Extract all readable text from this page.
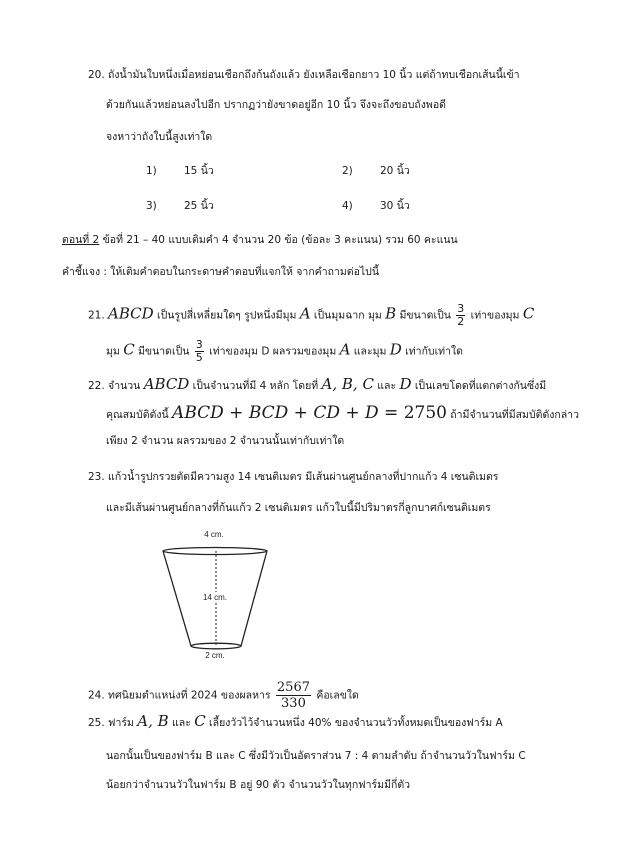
20. ถังน้ำมันใบหนึ่งเมื่อหย่อนเชือกถึงก้นถังแล้ว ยังเหลือเชือกยาว 10 นิ้ว แต่ถ้าทบเชือกเส้นนี้เข้า
ด้วยกันแล้วหย่อนลงไปอีก ปรากฏว่ายังขาดอยู่อีก 10 นิ้ว จึงจะถึงขอบถังพอดี
จงหาว่าถังใบนี้สูงเท่าใด
1)	15 นิ้ว	2)	20 นิ้ว
3)	25 นิ้ว	4)	30 นิ้ว
ตอนที่ 2 ข้อที่ 21 – 40 แบบเติมคำ 4 จำนวน 20 ข้อ (ข้อละ 3 คะแนน) รวม 60 คะแนน
คำชี้แจง : ให้เติมคำตอบในกระดาษคำตอบที่แจกให้ จากคำถามต่อไปนี้
21. ABCD เป็นรูปสี่เหลี่ยมใดๆ รูปหนึ่งมีมุม A เป็นมุมฉาก มุม B มีขนาดเป็น $\frac{3}{2}$ เท่าของมุม C
มุม C มีขนาดเป็น $\frac{3}{5}$ เท่าของมุม D ผลรวมของมุม A และมุม D เท่ากับเท่าใด
22. จำนวน ABCD เป็นจำนวนที่มี 4 หลัก โดยที่ A, B, C และ D เป็นเลขโดดที่แตกต่างกันซึ่งมี
คุณสมบัติดังนี้ ABCD + BCD + CD + D = 2750 ถ้ามีจำนวนที่มีสมบัติดังกล่าว
เพียง 2 จำนวน ผลรวมของ 2 จำนวนนั้นเท่ากับเท่าใด
23. แก้วน้ำรูปกรวยตัดมีความสูง 14 เซนติเมตร มีเส้นผ่านศูนย์กลางที่ปากแก้ว 4 เซนติเมตร
และมีเส้นผ่านศูนย์กลางที่ก้นแก้ว 2 เซนติเมตร แก้วใบนี้มีปริมาตรกี่ลูกบาศก์เซนติเมตร
4 cm.
14 cm.
2 cm.
24. ทศนิยมตำแหน่งที่ 2024 ของผลหาร $\frac{2567}{330}$ คือเลขใด
25. ฟาร์ม A, B และ C เลี้ยงวัวไว้จำนวนหนึ่ง 40% ของจำนวนวัวทั้งหมดเป็นของฟาร์ม A
นอกนั้นเป็นของฟาร์ม B และ C ซึ่งมีวัวเป็นอัตราส่วน 7 : 4 ตามลำดับ ถ้าจำนวนวัวในฟาร์ม C
น้อยกว่าจำนวนวัวในฟาร์ม B อยู่ 90 ตัว จำนวนวัวในทุกฟาร์มมีกี่ตัว
